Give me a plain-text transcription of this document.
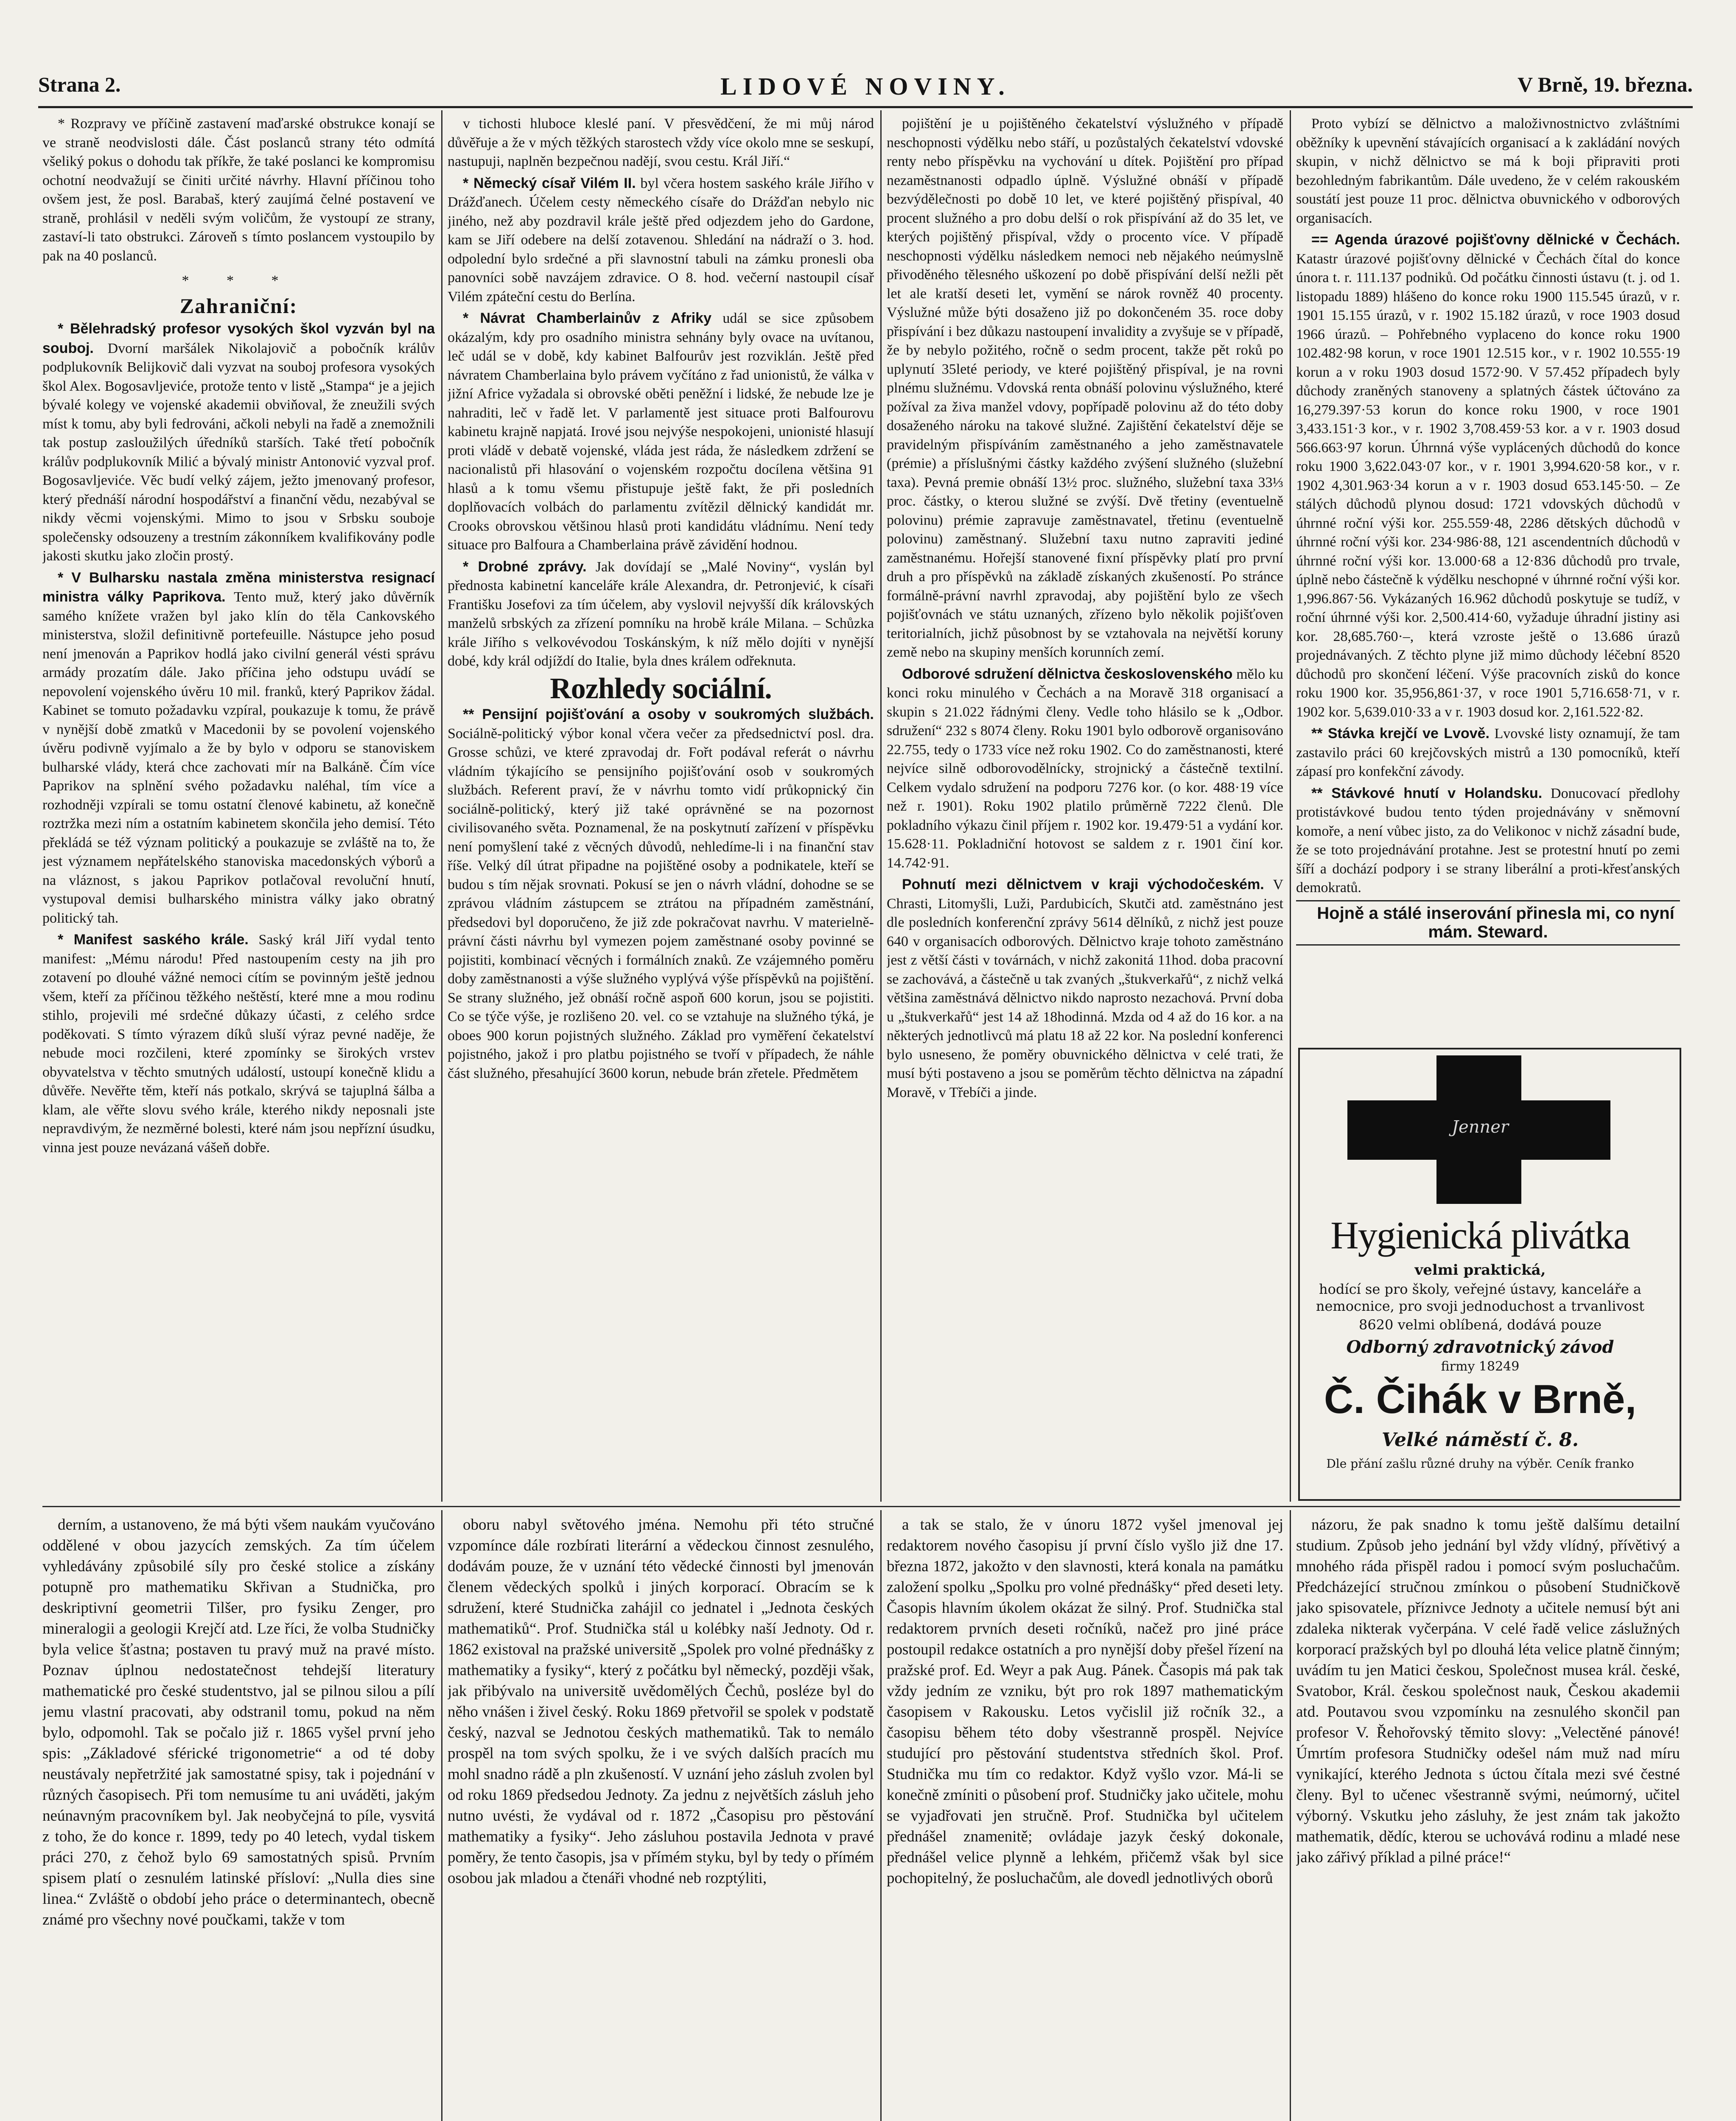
Strana 2.	LIDOVÉ NOVINY.	V Brně, 19. března.

* Rozpravy ve příčině zastavení maďarské obstrukce konají se ve straně neodvislosti dále. Část poslanců strany této odmítá všeliký pokus o dohodu tak příkře, že také poslanci ke kompromisu ochotní neodvažují se činiti určité návrhy. Hlavní příčinou toho ovšem jest, že posl. Barabaš, který zaujímá čelné postavení ve straně, prohlásil v neděli svým voličům, že vystoupí ze strany, zastaví-li tato obstrukci. Zároveň s tímto poslancem vystoupilo by pak na 40 poslanců.

* * *

Zahraniční:

* Bělehradský profesor vysokých škol vyzván byl na souboj. Dvorní maršálek Nikolajovič a pobočník králův podplukovník Belijkovič dali vyzvat na souboj profesora vysokých škol Alex. Bogosavljeviće, protože tento v listě „Stampa“ je a jejich bývalé kolegy ve vojenské akademii obviňoval, že zneužili svých míst k tomu, aby byli fedrováni, ačkoli nebyli na řadě a znemožnili tak postup zasloužilých úředníků starších. Také třetí pobočník králův podplukovník Milić a bývalý ministr Antonović vyzval prof. Bogosavljeviće. Věc budí velký zájem, ježto jmenovaný profesor, který přednáší národní hospodářství a finanční vědu, nezabýval se nikdy věcmi vojenskými. Mimo to jsou v Srbsku souboje společensky odsouzeny a trestním zákonníkem kvalifikovány podle jakosti skutku jako zločin prostý.

* V Bulharsku nastala změna ministerstva resignací ministra války Paprikova. Tento muž, který jako důvěrník samého knížete vražen byl jako klín do těla Cankovského ministerstva, složil definitivně portefeuille. Nástupce jeho posud není jmenován a Paprikov hodlá jako civilní generál vésti správu armády prozatím dále. Jako příčina jeho odstupu uvádí se nepovolení vojenského úvěru 10 mil. franků, který Paprikov žádal. Kabinet se tomuto požadavku vzpíral, poukazuje k tomu, že právě v nynější době zmatků v Macedonii by se povolení vojenského úvěru podivně vyjímalo a že by bylo v odporu se stanoviskem bulharské vlády, která chce zachovati mír na Balkáně. Čím více Paprikov na splnění svého požadavku naléhal, tím více a rozhodněji vzpírali se tomu ostatní členové kabinetu, až konečně roztržka mezi ním a ostatním kabinetem skončila jeho demisí. Této překládá se též význam politický a poukazuje se zvláště na to, že jest významem nepřátelského stanoviska macedonských výborů a na vláznost, s jakou Paprikov potlačoval revoluční hnutí, vystupoval demisi bulharského ministra války jako obratný politický tah.

* Manifest saského krále. Saský král Jiří vydal tento manifest: „Mému národu! Před nastoupením cesty na jih pro zotavení po dlouhé vážné nemoci cítím se povinným ještě jednou všem, kteří za příčinou těžkého neštěstí, které mne a mou rodinu stihlo, projevili mé srdečné důkazy účasti, z celého srdce poděkovati. S tímto výrazem díků sluší výraz pevné naděje, že nebude moci rozčileni, které zpomínky se širokých vrstev obyvatelstva v těchto smutných událostí, ustoupí konečně klidu a důvěře. Nevěřte těm, kteří nás potkalo, skrývá se tajuplná šálba a klam, ale věřte slovu svého krále, kterého nikdy neposnali jste nepravdivým, že nezměrné bolesti, které nám jsou nepřízní úsudku, vinna jest pouze nevázaná vášeň dobře.

v tichosti hluboce kleslé paní. V přesvědčení, že mi můj národ důvěřuje a že v mých těžkých starostech vždy více okolo mne se seskupí, nastupuji, naplněn bezpečnou nadějí, svou cestu. Král Jiří.“

* Německý císař Vilém II. byl včera hostem saského krále Jiřího v Drážďanech. Účelem cesty německého císaře do Drážďan nebylo nic jiného, než aby pozdravil krále ještě před odjezdem jeho do Gardone, kam se Jiří odebere na delší zotavenou. Shledání na nádraží o 3. hod. odpolední bylo srdečné a při slavnostní tabuli na zámku pronesli oba panovníci sobě navzájem zdravice. O 8. hod. večerní nastoupil císař Vilém zpáteční cestu do Berlína.

* Návrat Chamberlainův z Afriky udál se sice způsobem okázalým, kdy pro osadního ministra sehnány byly ovace na uvítanou, leč udál se v době, kdy kabinet Balfourův jest rozviklán. Ještě před návratem Chamberlaina bylo právem vyčítáno z řad unionistů, že válka v jižní Africe vyžadala si obrovské oběti peněžní i lidské, že nebude lze je nahraditi, leč v řadě let. V parlamentě jest situace proti Balfourovu kabinetu krajně napjatá. Irové jsou nejvýše nespokojeni, unionisté hlasují proti vládě v debatě vojenské, vláda jest ráda, že následkem zdržení se nacionalistů při hlasování o vojenském rozpočtu docílena většina 91 hlasů a k tomu všemu přistupuje ještě fakt, že při posledních doplňovacích volbách do parlamentu zvítězil dělnický kandidát mr. Crooks obrovskou většinou hlasů proti kandidátu vládnímu. Není tedy situace pro Balfoura a Chamberlaina právě závidění hodnou.

* Drobné zprávy. Jak dovídají se „Malé Noviny“, vyslán byl přednosta kabinetní kanceláře krále Alexandra, dr. Petronjević, k císaři Františku Josefovi za tím účelem, aby vyslovil nejvyšší dík královských manželů srbských za zřízení pomníku na hrobě krále Milana. – Schůzka krále Jiřího s velkovévodou Toskánským, k níž mělo dojíti v nynější dobé, kdy král odjíždí do Italie, byla dnes králem odřeknuta.

Rozhledy sociální.

** Pensijní pojišťování a osoby v soukromých službách. Sociálně-politický výbor konal včera večer za předsednictví posl. dra. Grosse schůzi, ve které zpravodaj dr. Fořt podával referát o návrhu vládním týkajícího se pensijního pojišťování osob v soukromých službách. Referent praví, že v návrhu tomto vidí průkopnický čin sociálně-politický, který již také oprávněné se na pozornost civilisovaného světa. Poznamenal, že na poskytnutí zařízení v příspěvku není pomyšlení také z věcných důvodů, nehledíme-li i na finanční stav říše. Velký díl útrat připadne na pojištěné osoby a podnikatele, kteří se budou s tím nějak srovnati. Pokusí se jen o návrh vládní, dohodne se se zprávou vládním zástupcem se ztrátou na případném zaměstnání, předsedovi byl doporučeno, že již zde pokračovat navrhu. V materielně-právní části návrhu byl vymezen pojem zaměstnané osoby povinné se pojistiti, kombinací věcných i formálních znaků. Ze vzájemného poměru doby zaměstnanosti a výše služného vyplývá výše příspěvků na pojištění. Se strany služného, jež obnáší ročně aspoň 600 korun, jsou se pojistiti. Co se týče výše, je rozlišeno 20. vel. co se vztahuje na služného týká, je oboes 900 korun pojistných služného. Základ pro vyměření čekatelství pojistného, jakož i pro platbu pojistného se tvoří v případech, že náhle část služného, přesahující 3600 korun, nebude brán zřetele. Předmětem

pojištění je u pojištěného čekatelství výslužného v případě neschopnosti výdělku nebo stáří, u pozůstalých čekatelství vdovské renty nebo příspěvku na vychování u dítek. Pojištění pro případ nezaměstnanosti odpadlo úplně. Výslužné obnáší v případě bezvýdělečnosti po době 10 let, ve které pojištěný přispíval, 40 procent služného a pro dobu delší o rok přispívání až do 35 let, ve kterých pojištěný přispíval, vždy o procento více. V případě neschopnosti výdělku následkem nemoci neb nějakého neúmyslně přivoděného tělesného uškození po době přispívání delší nežli pět let ale kratší deseti let, vymění se nárok rovněž 40 procenty. Výslužné může býti dosaženo již po dokončeném 35. roce doby přispívání i bez důkazu nastoupení invalidity a zvyšuje se v případě, že by nebylo požitého, ročně o sedm procent, takže pět roků po uplynutí 35leté periody, ve které pojištěný přispíval, je na rovni plnému služnému. Vdovská renta obnáší polovinu výslužného, které požíval za živa manžel vdovy, popřípadě polovinu až do této doby dosaženého nároku na takové služné. Zajištění čekatelství děje se pravidelným přispíváním zaměstnaného a jeho zaměstnavatele (prémie) a příslušnými částky každého zvýšení služného (služební taxa). Pevná premie obnáší 13½ proc. služného, služební taxa 33⅓ proc. částky, o kterou služné se zvýší. Dvě třetiny (eventuelně polovinu) prémie zapravuje zaměstnavatel, třetinu (eventuelně polovinu) zaměstnaný. Služební taxu nutno zapraviti jediné zaměstnanému. Hořejší stanovené fixní příspěvky platí pro první druh a pro příspěvků na základě získaných zkušeností. Po stránce formálně-právní navrhl zpravodaj, aby pojištění bylo ze všech pojišťovnách ve státu uznaných, zřízeno bylo několik pojišťoven teritorialních, jichž působnost by se vztahovala na největší koruny země nebo na skupiny menších korunních zemí.

Odborové sdružení dělnictva československého mělo ku konci roku minulého v Čechách a na Moravě 318 organisací a skupin s 21.022 řádnými členy. Vedle toho hlásilo se k „Odbor. sdružení“ 232 s 8074 členy. Roku 1901 bylo odborově organisováno 22.755, tedy o 1733 více než roku 1902. Co do zaměstnanosti, které nejvíce silně odborovodělnícky, strojnický a částečně textilní. Celkem vydalo sdružení na podporu 7276 kor. (o kor. 488·19 více než r. 1901). Roku 1902 platilo průměrně 7222 členů. Dle pokladního výkazu činil příjem r. 1902 kor. 19.479·51 a vydání kor. 15.628·11. Pokladniční hotovost se saldem z r. 1901 činí kor. 14.742·91.

Pohnutí mezi dělnictvem v kraji východočeském. V Chrasti, Litomyšli, Luži, Pardubicích, Skutči atd. zaměstnáno jest dle posledních konferenční zprávy 5614 dělníků, z nichž jest pouze 640 v organisacích odborových. Dělnictvo kraje tohoto zaměstnáno jest z větší části v továrnách, v nichž zakonitá 11hod. doba pracovní se zachovává, a částečně u tak zvaných „štukverkařů“, z nichž velká většina zaměstnává dělnictvo nikdo naprosto nezachová. První doba u „štukverkařů“ jest 14 až 18hodinná. Mzda od 4 až do 16 kor. a na některých jednotlivců má platu 18 až 22 kor. Na poslední konferenci bylo usneseno, že poměry obuvnického dělnictva v celé trati, že musí býti postaveno a jsou se poměrům těchto dělnictva na západní Moravě, v Třebíči a jinde.

Proto vybízí se dělnictvo a maloživnostnictvo zvláštními oběžníky k upevnění stávajících organisací a k zakládání nových skupin, v nichž dělnictvo se má k boji připraviti proti bezohledným fabrikantům. Dále uvedeno, že v celém rakouském soustátí jest pouze 11 proc. dělnictva obuvnického v odborových organisacích.

== Agenda úrazové pojišťovny dělnické v Čechách. Katastr úrazové pojišťovny dělnické v Čechách čítal do konce února t. r. 111.137 podniků. Od počátku činnosti ústavu (t. j. od 1. listopadu 1889) hlášeno do konce roku 1900 115.545 úrazů, v r. 1901 15.155 úrazů, v r. 1902 15.182 úrazů, v roce 1903 dosud 1966 úrazů. – Pohřebného vyplaceno do konce roku 1900 102.482·98 korun, v roce 1901 12.515 kor., v r. 1902 10.555·19 korun a v roku 1903 dosud 1572·90. V 57.452 případech byly důchody zraněných stanoveny a splatných částek účtováno za 16,279.397·53 korun do konce roku 1900, v roce 1901 3,433.151·3 kor., v r. 1902 3,708.459·53 kor. a v r. 1903 dosud 566.663·97 korun. Úhrnná výše vyplácených důchodů do konce roku 1900 3,622.043·07 kor., v r. 1901 3,994.620·58 kor., v r. 1902 4,301.963·34 korun a v r. 1903 dosud 653.145·50. – Ze stálých důchodů plynou dosud: 1721 vdovských důchodů v úhrnné roční výši kor. 255.559·48, 2286 dětských důchodů v úhrnné roční výši kor. 234·986·88, 121 ascendentních důchodů v úhrnné roční výši kor. 13.000·68 a 12·836 důchodů pro trvale, úplně nebo částečně k výdělku neschopné v úhrnné roční výši kor. 1,996.867·56. Vykázaných 16.962 důchodů poskytuje se tudíž, v roční úhrnné výši kor. 2,500.414·60, vyžaduje úhradní jistiny asi kor. 28,685.760·–, která vzroste ještě o 13.686 úrazů projednávaných. Z těchto plyne již mimo důchody léčební 8520 důchodů pro skončení léčení. Výše pracovních zisků do konce roku 1900 kor. 35,956,861·37, v roce 1901 5,716.658·71, v r. 1902 kor. 5,639.010·33 a v r. 1903 dosud kor. 2,161.522·82.

** Stávka krejčí ve Lvově. Lvovské listy oznamují, že tam zastavilo práci 60 krejčovských mistrů a 130 pomocníků, kteří zápasí pro konfekční závody.

** Stávkové hnutí v Holandsku. Donucovací předlohy protistávkové budou tento týden projednávány v sněmovní komoře, a není vůbec jisto, za do Velikonoc v nichž zásadní bude, že se toto projednávání protahne. Jest se protestní hnutí po zemi šíří a dochází podpory i se strany liberální a proti-křesťanských demokratů.

Hojně a stálé inserování přinesla mi, co nyní mám. Steward.

Jenner
Hygienická plivátka
velmi praktická,
hodící se pro školy, veřejné ústavy, kanceláře a nemocnice, pro svoji jednoduchost a trvanlivost
8620 velmi oblíbená, dodává pouze
Odborný zdravotnický závod
firmy 18249
Č. Čihák v Brně,
Velké náměstí č. 8.
Dle přání zašlu různé druhy na výběr. Ceník franko

derním, a ustanoveno, že má býti všem naukám vyučováno oddělené v obou jazycích zemských. Za tím účelem vyhledávány způsobilé síly pro české stolice a získány potupně pro mathematiku Skřivan a Studnička, pro deskriptivní geometrii Tilšer, pro fysiku Zenger, pro mineralogii a geologii Krejčí atd. Lze říci, že volba Studničky byla velice šťastna; postaven tu pravý muž na pravé místo. Poznav úplnou nedostatečnost tehdejší literatury mathematické pro české studentstvo, jal se pilnou silou a pílí jemu vlastní pracovati, aby odstranil tomu, pokud na něm bylo, odpomohl. Tak se počalo již r. 1865 vyšel první jeho spis: „Základové sférické trigonometrie“ a od té doby neustávaly nepřetržité jak samostatné spisy, tak i pojednání v různých časopisech. Při tom nemusíme tu ani uváděti, jakým neúnavným pracovníkem byl. Jak neobyčejná to píle, vysvitá z toho, že do konce r. 1899, tedy po 40 letech, vydal tiskem práci 270, z čehož bylo 69 samostatných spisů. Prvním spisem platí o zesnulém latinské přísloví: „Nulla dies sine linea.“ Zvláště o období jeho práce o determinantech, obecně známé pro všechny nové poučkami, takže v tom

oboru nabyl světového jména. Nemohu při této stručné vzpomínce dále rozbírati literární a vědeckou činnost zesnulého, dodávám pouze, že v uznání této vědecké činnosti byl jmenován členem vědeckých spolků i jiných korporací. Obracím se k sdružení, které Studnička zahájil co jednatel i „Jednota českých mathematiků“. Prof. Studnička stál u kolébky naší Jednoty. Od r. 1862 existoval na pražské universitě „Spolek pro volné přednášky z mathematiky a fysiky“, který z počátku byl německý, později však, jak přibývalo na universitě uvědomělých Čechů, posléze byl do něho vnášen i živel český. Roku 1869 přetvořil se spolek v podstatě český, nazval se Jednotou českých mathematiků. Tak to nemálo prospěl na tom svých spolku, že i ve svých dalších pracích mu mohl snadno rádě a pln zkušeností. V uznání jeho zásluh zvolen byl od roku 1869 předsedou Jednoty. Za jednu z největších zásluh jeho nutno uvésti, že vydával od r. 1872 „Časopisu pro pěstování mathematiky a fysiky“. Jeho zásluhou postavila Jednota v pravé poměry, že tento časopis, jsa v přímém styku, byl by tedy o přímém osobou jak mladou a čtenáři vhodné neb rozptýliti,

a tak se stalo, že v únoru 1872 vyšel jmenoval jej redaktorem nového časopisu jí první číslo vyšlo již dne 17. března 1872, jakožto v den slavnosti, která konala na památku založení spolku „Spolku pro volné přednášky“ před deseti lety. Časopis hlavním úkolem okázat že silný. Prof. Studnička stal redaktorem prvních deseti ročníků, načež pro jiné práce postoupil redakce ostatních a pro nynější doby přešel řízení na pražské prof. Ed. Weyr a pak Aug. Pánek. Časopis má pak tak vždy jedním ze vzniku, být pro rok 1897 mathematickým časopisem v Rakousku. Letos vyčislil již ročník 32., a časopisu během této doby všestranně prospěl. Nejvíce studující pro pěstování studentstva středních škol. Prof. Studnička mu tím co redaktor. Když vyšlo vzor. Má-li se konečně zmíniti o působení prof. Studničky jako učitele, mohu se vyjadřovati jen stručně. Prof. Studnička byl učitelem přednášel znamenitě; ovládaje jazyk český dokonale, přednášel velice plynně a lehkém, přičemž však byl sice pochopitelný, že posluchačům, ale dovedl jednotlivých oborů

názoru, že pak snadno k tomu ještě dalšímu detailní studium. Způsob jeho jednání byl vždy vlídný, přívětivý a mnohého ráda přispěl radou i pomocí svým posluchačům. Předcházející stručnou zmínkou o působení Studničkově jako spisovatele, příznivce Jednoty a učitele nemusí být ani zdaleka nikterak vyčerpána. V celé řadě velice záslužných korporací pražských byl po dlouhá léta velice platně činným; uvádím tu jen Matici českou, Společnost musea král. české, Svatobor, Král. českou společnost nauk, Českou akademii atd. Poutavou svou vzpomínku na zesnulého skončil pan profesor V. Řehořovský těmito slovy: „Velectěné pánové! Úmrtím profesora Studničky odešel nám muž nad míru vynikající, kterého Jednota s úctou čítala mezi své čestné členy. Byl to učenec všestranně svými, neúmorný, učitel výborný. Vskutku jeho zásluhy, že jest znám tak jakožto mathematik, dědíc, kterou se uchovává rodinu a mladé nese jako zářivý příklad a pilné práce!“
